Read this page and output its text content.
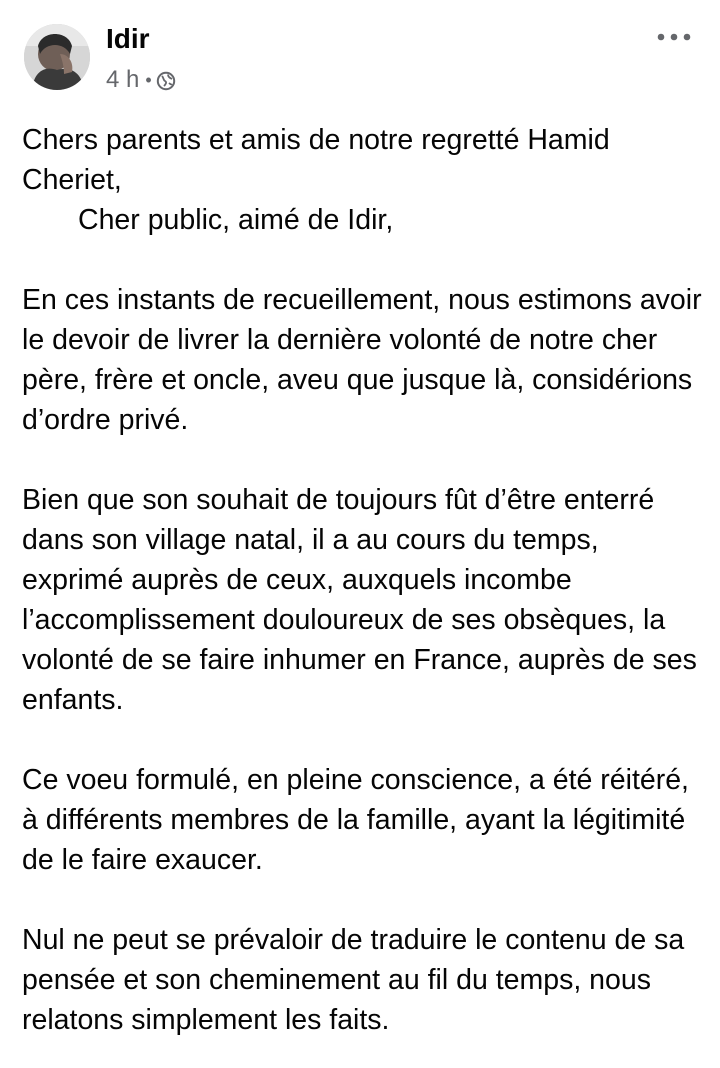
Idir
4 h •

Chers parents et amis de notre regretté Hamid Cheriet,
Cher public, aimé de Idir,

En ces instants de recueillement, nous estimons avoir le devoir de livrer la dernière volonté de notre cher père, frère et oncle, aveu que jusque là, considérions d’ordre privé.

Bien que son souhait de toujours fût d’être enterré dans son village natal, il a au cours du temps, exprimé auprès de ceux, auxquels incombe l’accomplissement douloureux de ses obsèques, la volonté de se faire inhumer en France, auprès de ses enfants.

Ce voeu formulé, en pleine conscience, a été réitéré, à différents membres de la famille, ayant la légitimité de le faire exaucer.

Nul ne peut se prévaloir de traduire le contenu de sa pensée et son cheminement au fil du temps, nous relatons simplement les faits.
